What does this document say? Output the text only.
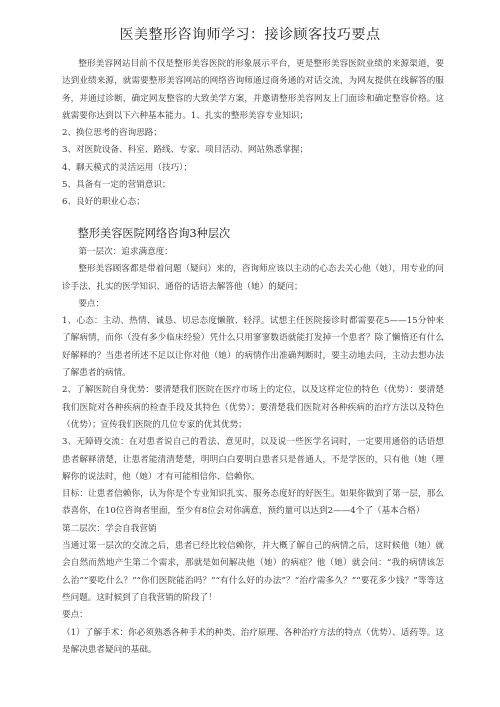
医美整形咨询师学习：接诊顾客技巧要点

整形美容网站目前不仅是整形美容医院的形象展示平台，更是整形美容医院业绩的来源渠道，要达到业绩来源，就需要整形美容网站的网络咨询师通过商务通的对话交流，为网友提供在线解答的服务，并通过诊断，确定网友整容的大致美学方案，并邀请整形美容网友上门面诊和确定整容价格。这就需要你达到以下六种基本能力。1、扎实的整形美容专业知识；

2、换位思考的咨询思路；

3、对医院设备、科室、路线、专家、项目活动、网站熟悉掌握；

4、聊天模式的灵活运用（技巧）；

5、具备有一定的营销意识；

6、良好的职业心态；

整形美容医院网络咨询3种层次

第一层次：追求满意度：

整形美容顾客都是带着问题（疑问）来的，咨询师应该以主动的心态去关心他（她），用专业的问诊手法、扎实的医学知识、通俗的话语去解答他（她）的疑问；

要点：

1、心态：主动、热情、诚恳、切忌态度懒散、轻浮。试想主任医院接诊时都需要花5——15分钟来了解病情，而你（没有多少临床经验）凭什么只用寥寥数语就能打发掉一个患者？除了懒惰还有什么好解释的？当患者所述不足以让你对他（她）的病情作出准确判断时，要主动地去问，主动去想办法了解患者的病情。

2、了解医院自身优势：要清楚我们医院在医疗市场上的定位，以及这样定位的特色（优势）：要清楚我们医院对各种疾病的检查手段及其特色（优势）；要清楚我们医院对各种疾病的治疗方法以及特色（优势）；宣传我们医院的几位专家的优其优势；

3、无障碍交流：在对患者说自己的看法、意见时，以及说一些医学名词时，一定要用通俗的话语想患者解释清楚，让患者能清清楚楚，明明白白要明白患者只是普通人，不是学医的，只有他（她（理解你的说法时，他（她）才有可能相信你、信赖你。

目标：让患者信赖你，认为你是个专业知识扎实、服务态度好的好医生。如果你做到了第一层，那么恭喜你，在10位咨询者里面，至少有8位会对你满意，预约量可以达到2——4个了（基本合格）

第二层次：学会自我营销

当通过第一层次的交流之后，患者已经比较信赖你，并大概了解自己的病情之后，这时候他（她）就会自然而然地产生第二个需求，那就是如何解决他（她）的病症？他（她）就会问：“我的病情该怎么治”“要吃什么？”“你们医院能治吗？”“有什么好的办法”？“治疗需多久？”“要花多少钱？”等等这些问题。这时候到了自我营销的阶段了！

要点：

（1）了解手术：你必须熟悉各种手术的种类、治疗原理、各种治疗方法的特点（优势）、适药等。这是解决患者疑问的基础。
